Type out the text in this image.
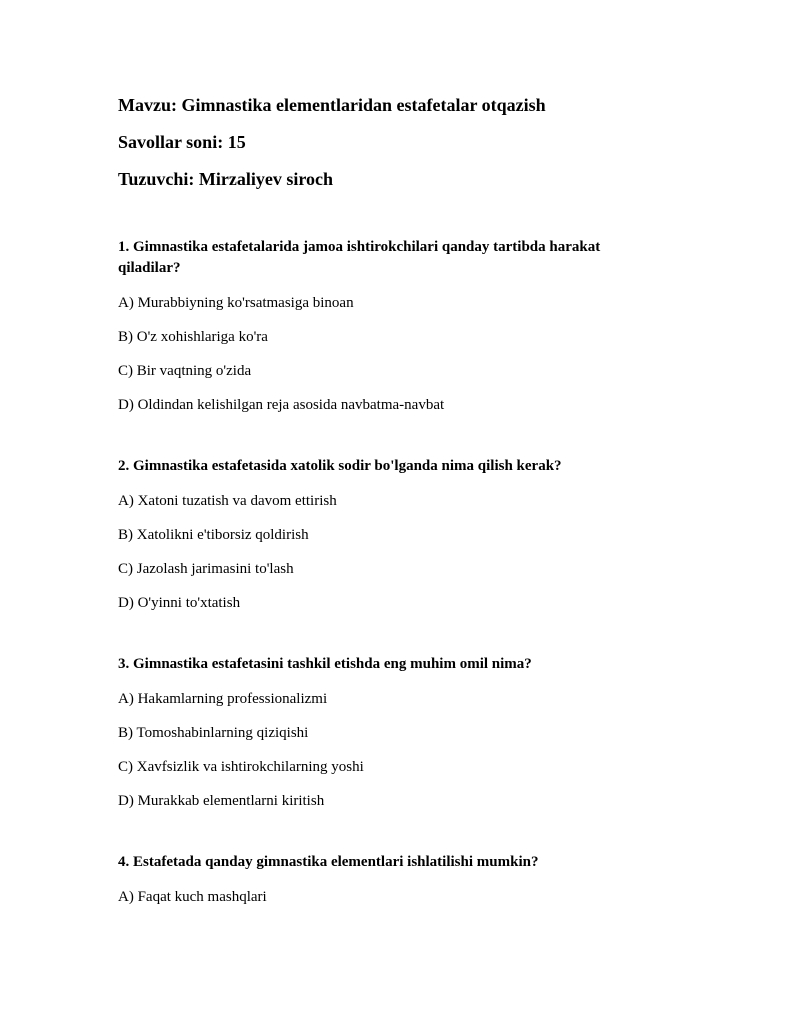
Mavzu: Gimnastika elementlaridan estafetalar otqazish

Savollar soni: 15

Tuzuvchi: Mirzaliyev siroch

1. Gimnastika estafetalarida jamoa ishtirokchilari qanday tartibda harakat qiladilar?

A) Murabbiyning ko'rsatmasiga binoan

B) O'z xohishlariga ko'ra

C) Bir vaqtning o'zida

D) Oldindan kelishilgan reja asosida navbatma-navbat

2. Gimnastika estafetasida xatolik sodir bo'lganda nima qilish kerak?

A) Xatoni tuzatish va davom ettirish

B) Xatolikni e'tiborsiz qoldirish

C) Jazolash jarimasini to'lash

D) O'yinni to'xtatish

3. Gimnastika estafetasini tashkil etishda eng muhim omil nima?

A) Hakamlarning professionalizmi

B) Tomoshabinlarning qiziqishi

C) Xavfsizlik va ishtirokchilarning yoshi

D) Murakkab elementlarni kiritish

4. Estafetada qanday gimnastika elementlari ishlatilishi mumkin?

A) Faqat kuch mashqlari
